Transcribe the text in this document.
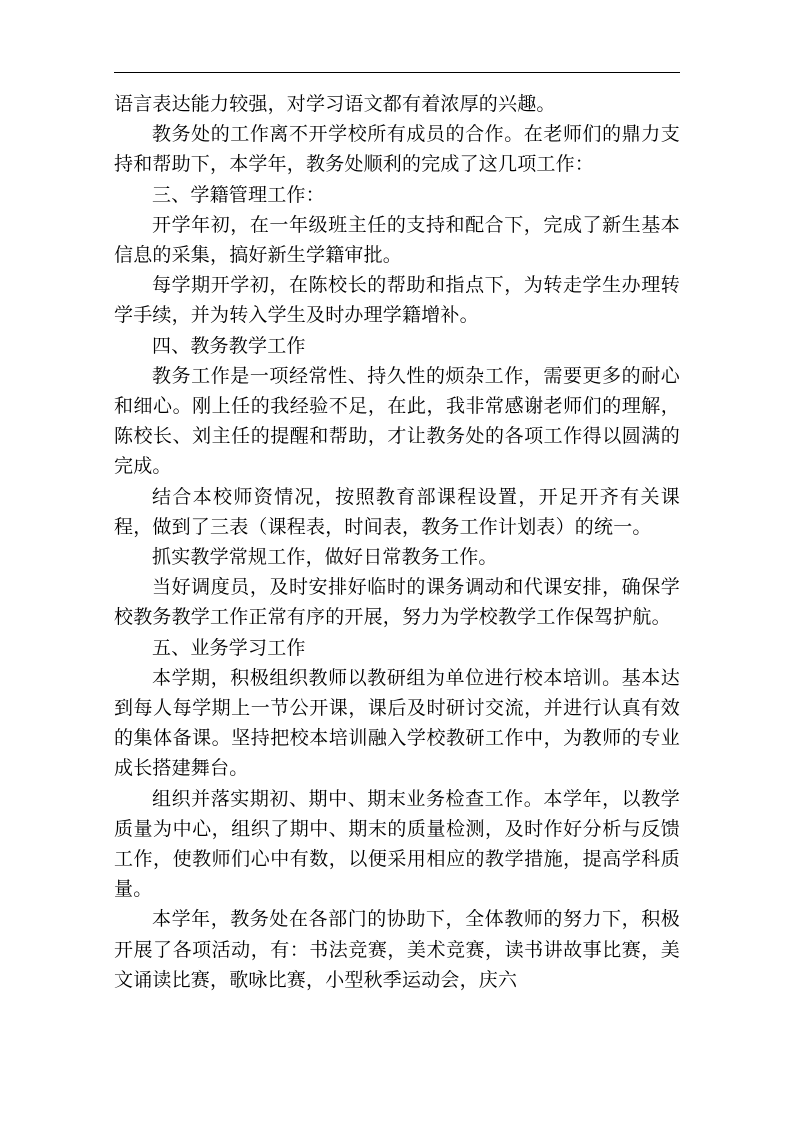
语言表达能力较强，对学习语文都有着浓厚的兴趣。

教务处的工作离不开学校所有成员的合作。在老师们的鼎力支持和帮助下，本学年，教务处顺利的完成了这几项工作：

三、学籍管理工作：

开学年初，在一年级班主任的支持和配合下，完成了新生基本信息的采集，搞好新生学籍审批。

每学期开学初，在陈校长的帮助和指点下，为转走学生办理转学手续，并为转入学生及时办理学籍增补。

四、教务教学工作

教务工作是一项经常性、持久性的烦杂工作，需要更多的耐心和细心。刚上任的我经验不足，在此，我非常感谢老师们的理解，陈校长、刘主任的提醒和帮助，才让教务处的各项工作得以圆满的完成。

结合本校师资情况，按照教育部课程设置，开足开齐有关课程，做到了三表（课程表，时间表，教务工作计划表）的统一。

抓实教学常规工作，做好日常教务工作。

当好调度员，及时安排好临时的课务调动和代课安排，确保学校教务教学工作正常有序的开展，努力为学校教学工作保驾护航。

五、业务学习工作

本学期，积极组织教师以教研组为单位进行校本培训。基本达到每人每学期上一节公开课，课后及时研讨交流，并进行认真有效的集体备课。坚持把校本培训融入学校教研工作中，为教师的专业成长搭建舞台。

组织并落实期初、期中、期末业务检查工作。本学年，以教学质量为中心，组织了期中、期末的质量检测，及时作好分析与反馈工作，使教师们心中有数，以便采用相应的教学措施，提高学科质量。

本学年，教务处在各部门的协助下，全体教师的努力下，积极开展了各项活动，有：书法竞赛，美术竞赛，读书讲故事比赛，美文诵读比赛，歌咏比赛，小型秋季运动会，庆六
